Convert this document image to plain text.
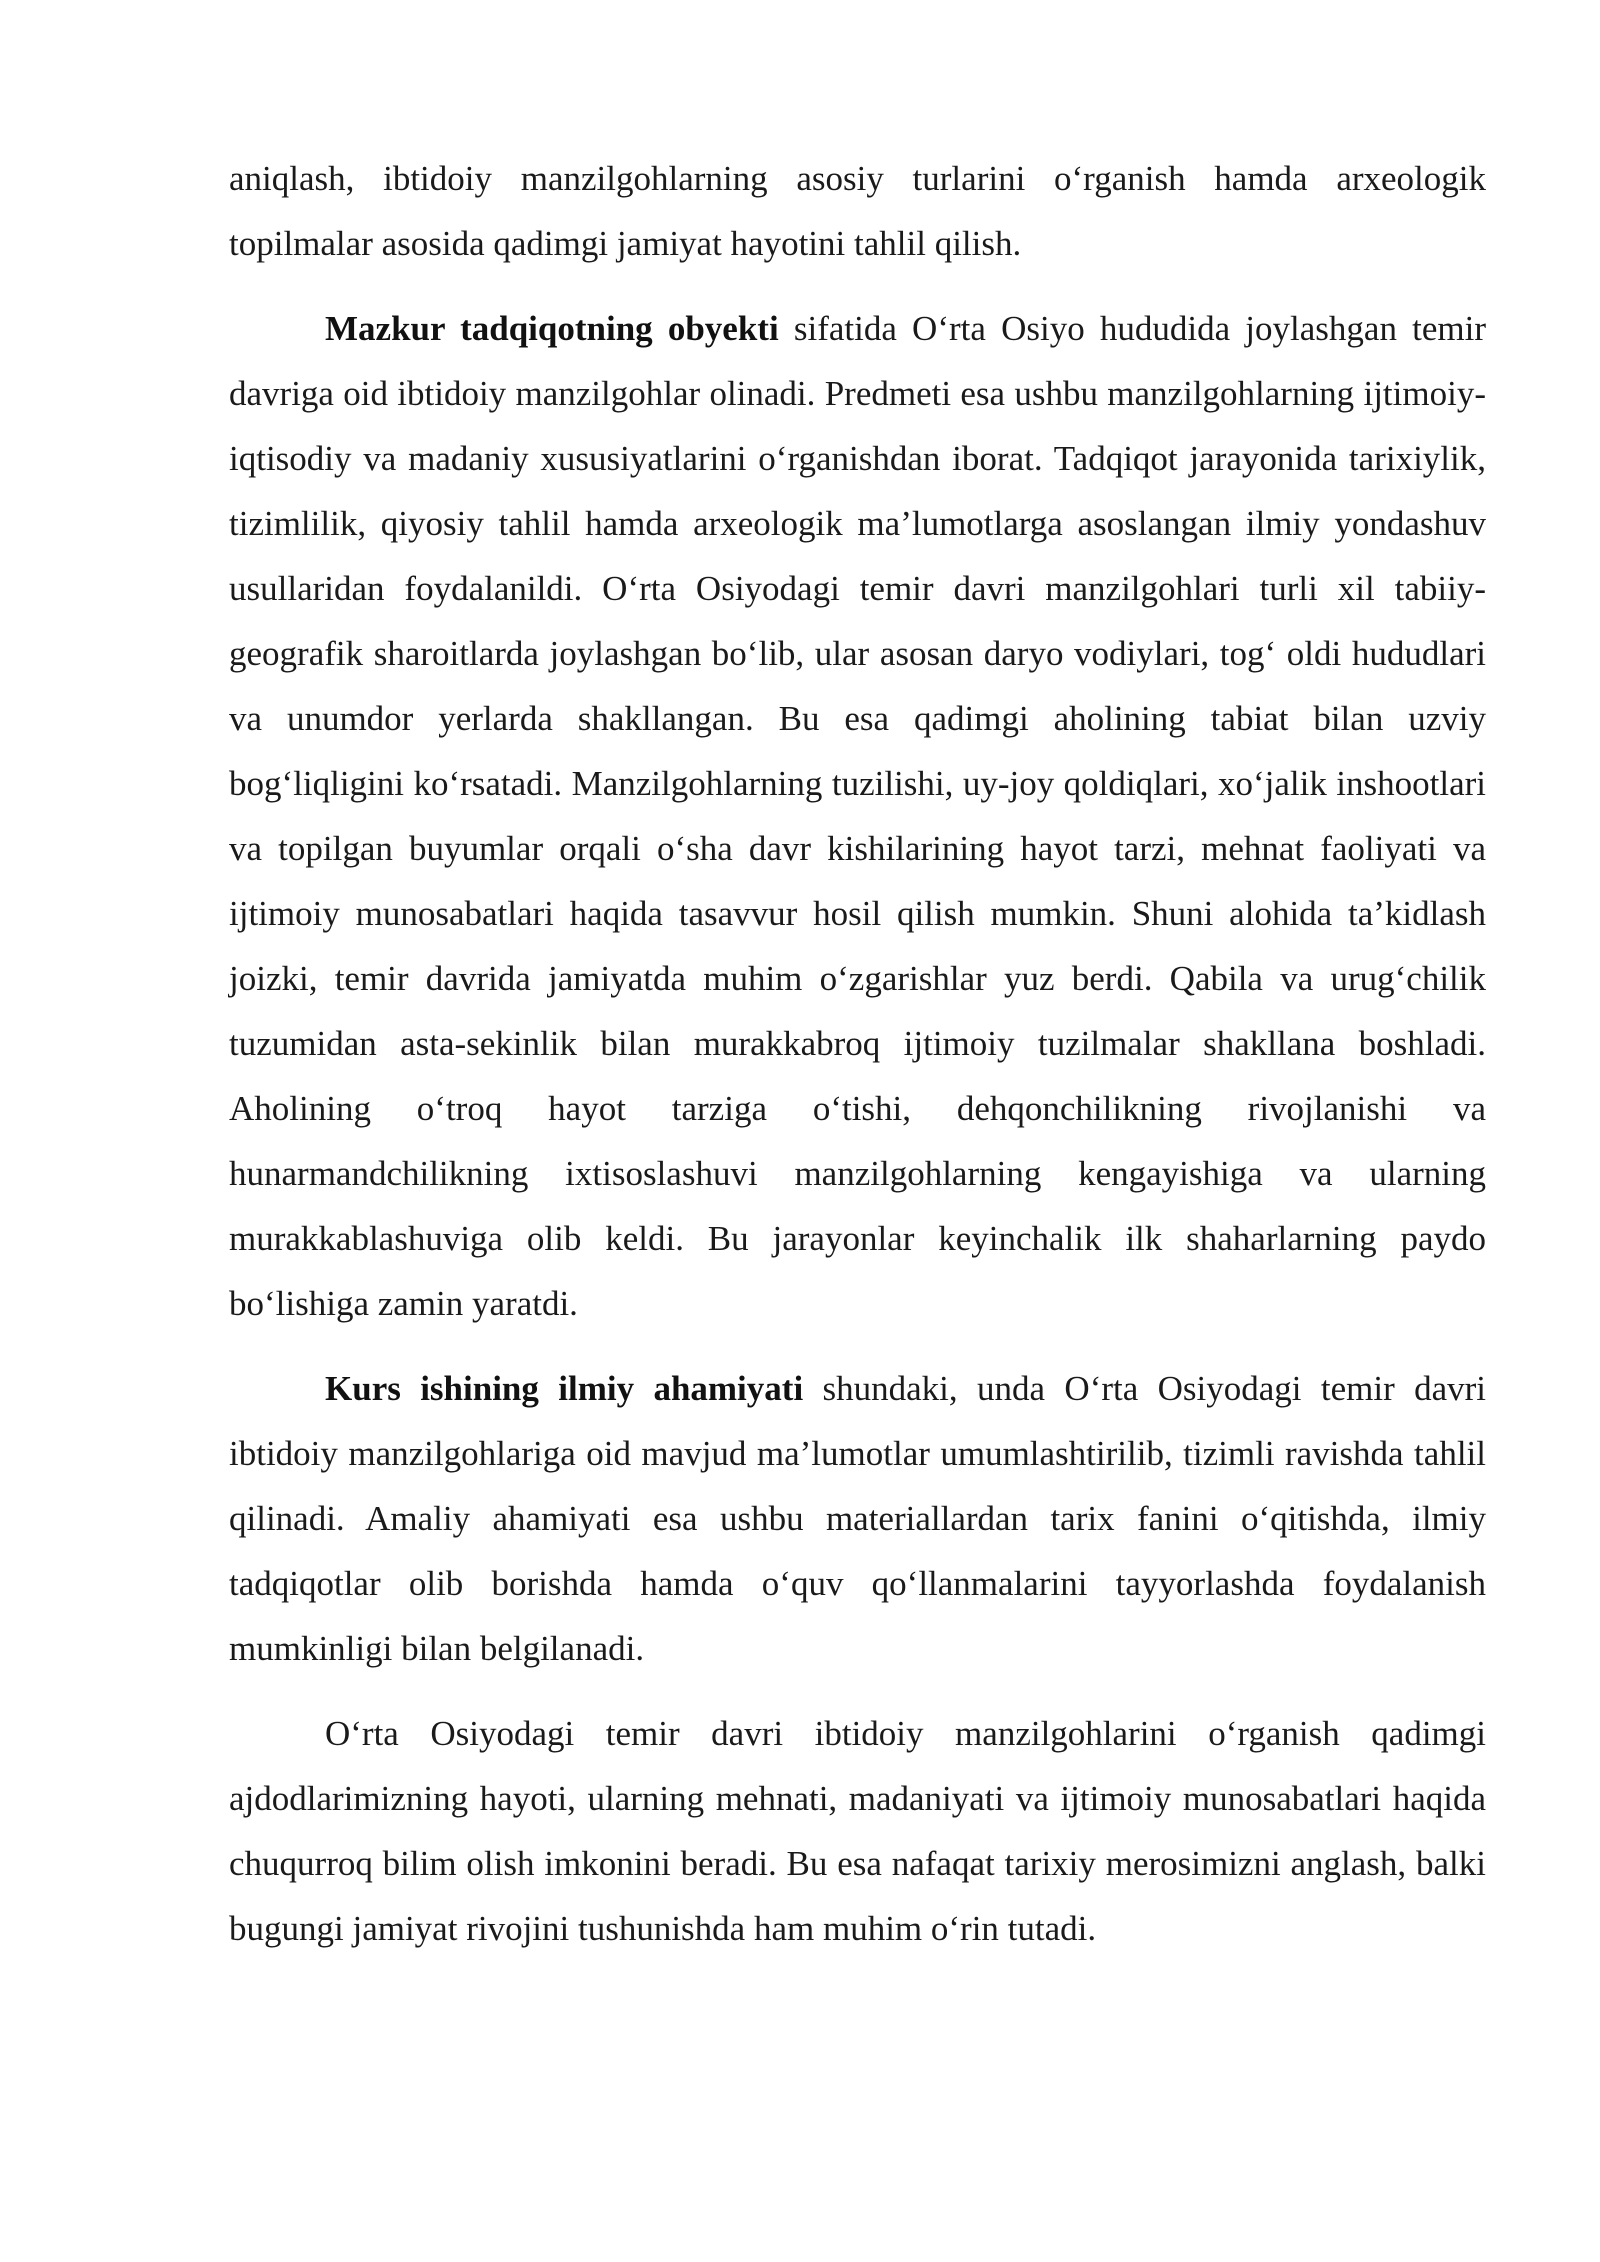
aniqlash, ibtidoiy manzilgohlarning asosiy turlarini o‘rganish hamda arxeologik topilmalar asosida qadimgi jamiyat hayotini tahlil qilish.

Mazkur tadqiqotning obyekti sifatida O‘rta Osiyo hududida joylashgan temir davriga oid ibtidoiy manzilgohlar olinadi. Predmeti esa ushbu manzilgohlarning ijtimoiy-iqtisodiy va madaniy xususiyatlarini o‘rganishdan iborat. Tadqiqot jarayonida tarixiylik, tizimlilik, qiyosiy tahlil hamda arxeologik ma’lumotlarga asoslangan ilmiy yondashuv usullaridan foydalanildi. O‘rta Osiyodagi temir davri manzilgohlari turli xil tabiiy-geografik sharoitlarda joylashgan bo‘lib, ular asosan daryo vodiylari, tog‘ oldi hududlari va unumdor yerlarda shakllangan. Bu esa qadimgi aholining tabiat bilan uzviy bog‘liqligini ko‘rsatadi. Manzilgohlarning tuzilishi, uy-joy qoldiqlari, xo‘jalik inshootlari va topilgan buyumlar orqali o‘sha davr kishilarining hayot tarzi, mehnat faoliyati va ijtimoiy munosabatlari haqida tasavvur hosil qilish mumkin. Shuni alohida ta’kidlash joizki, temir davrida jamiyatda muhim o‘zgarishlar yuz berdi. Qabila va urug‘chilik tuzumidan asta-sekinlik bilan murakkabroq ijtimoiy tuzilmalar shakllana boshladi. Aholining o‘troq hayot tarziga o‘tishi, dehqonchilikning rivojlanishi va hunarmandchilikning ixtisoslashuvi manzilgohlarning kengayishiga va ularning murakkablashuviga olib keldi. Bu jarayonlar keyinchalik ilk shaharlarning paydo bo‘lishiga zamin yaratdi.

Kurs ishining ilmiy ahamiyati shundaki, unda O‘rta Osiyodagi temir davri ibtidoiy manzilgohlariga oid mavjud ma’lumotlar umumlashtirilib, tizimli ravishda tahlil qilinadi. Amaliy ahamiyati esa ushbu materiallardan tarix fanini o‘qitishda, ilmiy tadqiqotlar olib borishda hamda o‘quv qo‘llanmalarini tayyorlashda foydalanish mumkinligi bilan belgilanadi.

O‘rta Osiyodagi temir davri ibtidoiy manzilgohlarini o‘rganish qadimgi ajdodlarimizning hayoti, ularning mehnati, madaniyati va ijtimoiy munosabatlari haqida chuqurroq bilim olish imkonini beradi. Bu esa nafaqat tarixiy merosimizni anglash, balki bugungi jamiyat rivojini tushunishda ham muhim o‘rin tutadi.
